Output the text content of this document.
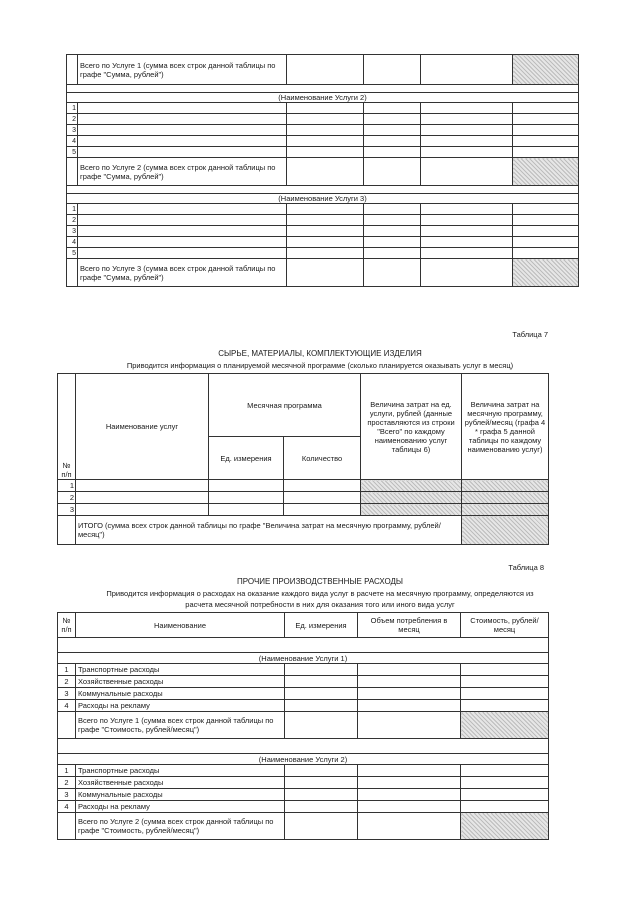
	Всего по Услуге 1 (сумма всех строк данной таблицы по графе "Сумма, рублей")				

(Наименование Услуги 2)					
1					
2					
3					
4					
5					
	Всего по Услуге 2 (сумма всех строк данной таблицы по графе "Сумма, рублей")				

(Наименование Услуги 3)					
1					
2					
3					
4					
5					
	Всего по Услуге 3 (сумма всех строк данной таблицы по графе "Сумма, рублей")				
Таблица 7
СЫРЬЕ, МАТЕРИАЛЫ, КОМПЛЕКТУЮЩИЕ ИЗДЕЛИЯ
Приводится информация о планируемой месячной программе (сколько планируется оказывать услуг в месяц)
№ п/п	Наименование услуг	Месячная программа		Величина затрат на ед. услуги, рублей (данные проставляются из строки "Всего" по каждому наименованию услуг таблицы 6)	Величина затрат на месячную программу, рублей/месяц (графа 4 * графа 5 данной таблицы по каждому наименованию услуг)
		Ед. измерения	Количество		
1					
2					
3					
	ИТОГО (сумма всех строк данной таблицы по графе "Величина затрат на месячную программу, рублей/месяц")				
Таблица 8
ПРОЧИЕ ПРОИЗВОДСТВЕННЫЕ РАСХОДЫ
Приводится информация о расходах на оказание каждого вида услуг в расчете на месячную программу, определяются из
расчета месячной потребности в них для оказания того или иного вида услуг
№ п/п	Наименование	Ед. измерения	Объем потребления в месяц	Стоимость, рублей/месяц

(Наименование Услуги 1)				
1	Транспортные расходы			
2	Хозяйственные расходы			
3	Коммунальные расходы			
4	Расходы на рекламу			
	Всего по Услуге 1 (сумма всех строк данной таблицы по графе "Стоимость, рублей/месяц")			

(Наименование Услуги 2)				
1	Транспортные расходы			
2	Хозяйственные расходы			
3	Коммунальные расходы			
4	Расходы на рекламу			
	Всего по Услуге 2 (сумма всех строк данной таблицы по графе "Стоимость, рублей/месяц")			
